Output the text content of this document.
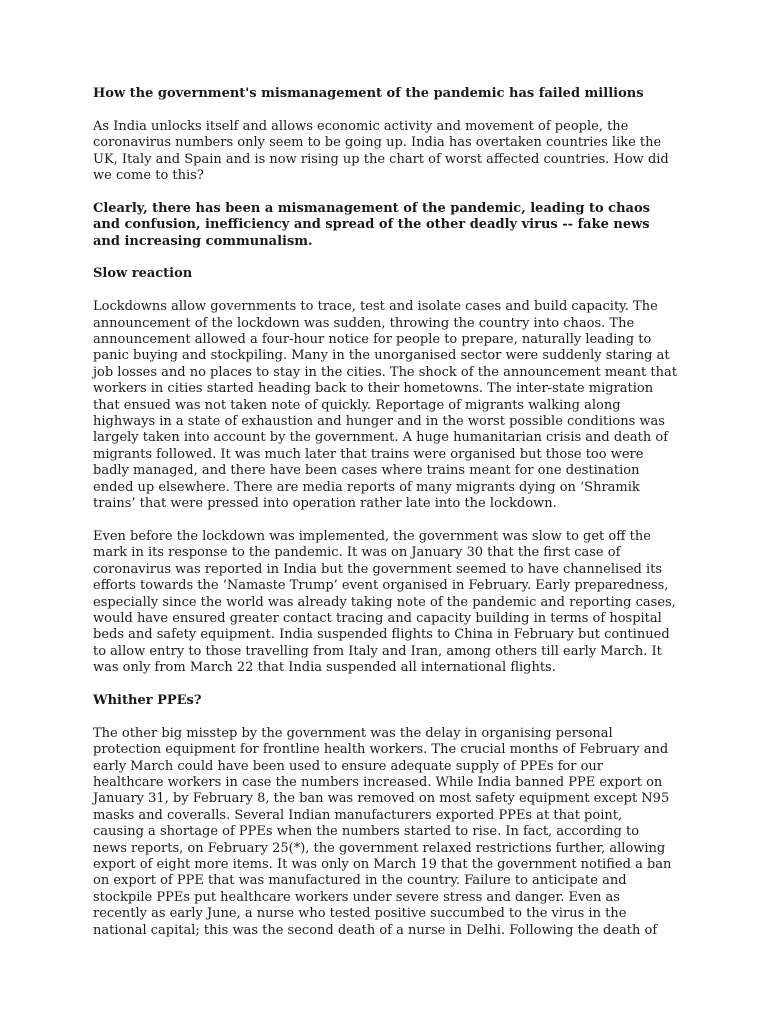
How the government's mismanagement of the pandemic has failed millions

As India unlocks itself and allows economic activity and movement of people, the coronavirus numbers only seem to be going up. India has overtaken countries like the UK, Italy and Spain and is now rising up the chart of worst affected countries. How did we come to this?

Clearly, there has been a mismanagement of the pandemic, leading to chaos and confusion, inefficiency and spread of the other deadly virus -- fake news and increasing communalism.

Slow reaction

Lockdowns allow governments to trace, test and isolate cases and build capacity. The announcement of the lockdown was sudden, throwing the country into chaos. The announcement allowed a four-hour notice for people to prepare, naturally leading to panic buying and stockpiling. Many in the unorganised sector were suddenly staring at job losses and no places to stay in the cities. The shock of the announcement meant that workers in cities started heading back to their hometowns. The inter-state migration that ensued was not taken note of quickly. Reportage of migrants walking along highways in a state of exhaustion and hunger and in the worst possible conditions was largely taken into account by the government. A huge humanitarian crisis and death of migrants followed. It was much later that trains were organised but those too were badly managed, and there have been cases where trains meant for one destination ended up elsewhere. There are media reports of many migrants dying on ‘Shramik trains’ that were pressed into operation rather late into the lockdown.

Even before the lockdown was implemented, the government was slow to get off the mark in its response to the pandemic. It was on January 30 that the first case of coronavirus was reported in India but the government seemed to have channelised its efforts towards the ‘Namaste Trump’ event organised in February. Early preparedness, especially since the world was already taking note of the pandemic and reporting cases, would have ensured greater contact tracing and capacity building in terms of hospital beds and safety equipment. India suspended flights to China in February but continued to allow entry to those travelling from Italy and Iran, among others till early March. It was only from March 22 that India suspended all international flights.

Whither PPEs?

The other big misstep by the government was the delay in organising personal protection equipment for frontline health workers. The crucial months of February and early March could have been used to ensure adequate supply of PPEs for our healthcare workers in case the numbers increased. While India banned PPE export on January 31, by February 8, the ban was removed on most safety equipment except N95 masks and coveralls. Several Indian manufacturers exported PPEs at that point, causing a shortage of PPEs when the numbers started to rise. In fact, according to news reports, on February 25(*), the government relaxed restrictions further, allowing export of eight more items. It was only on March 19 that the government notified a ban on export of PPE that was manufactured in the country. Failure to anticipate and stockpile PPEs put healthcare workers under severe stress and danger. Even as recently as early June, a nurse who tested positive succumbed to the virus in the national capital; this was the second death of a nurse in Delhi. Following the death of
